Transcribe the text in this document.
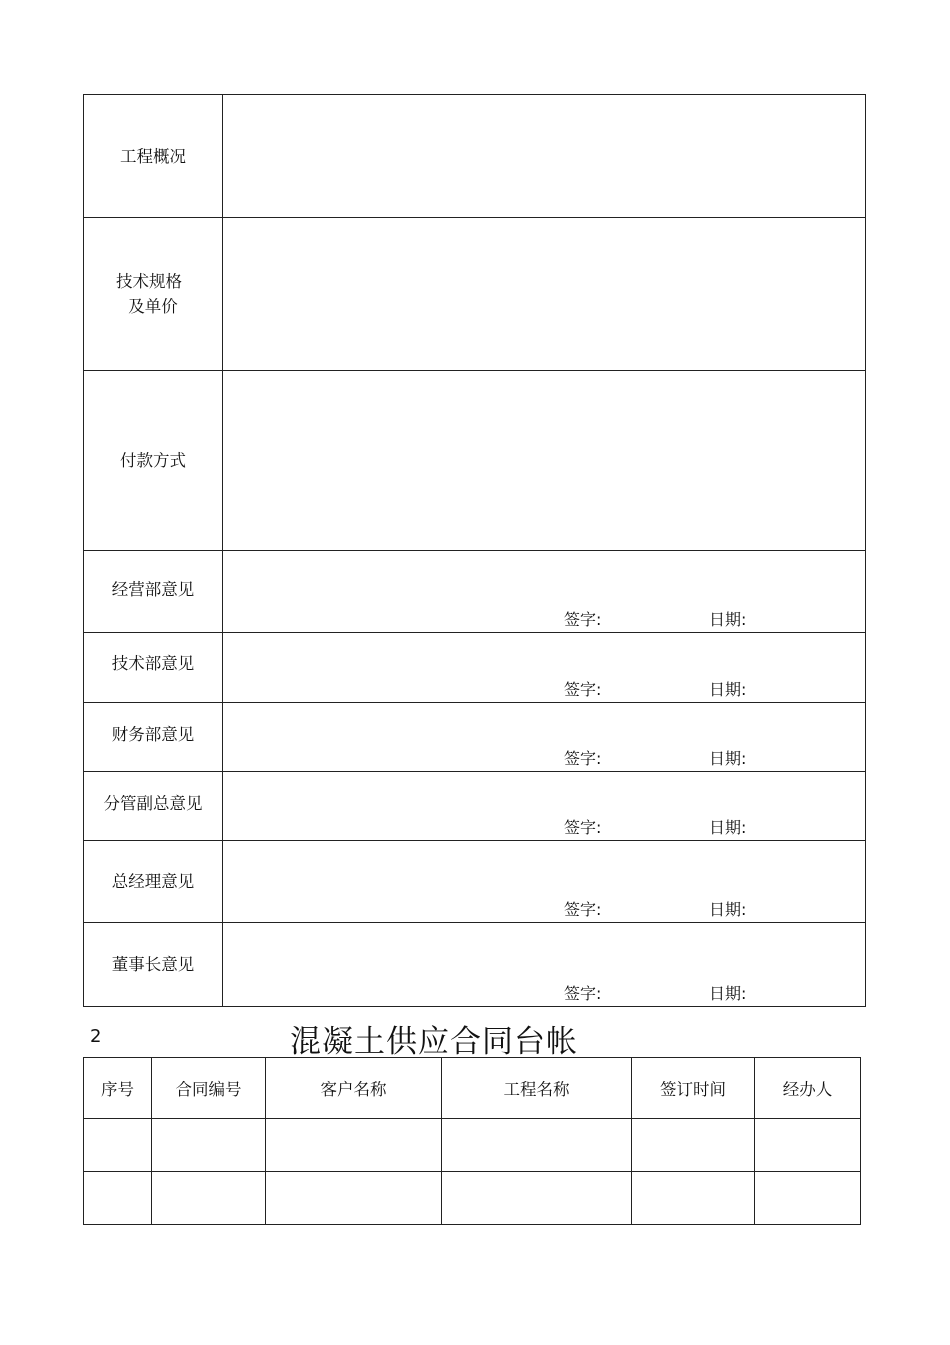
工程概况	

技术规格
及单价	

付款方式	
经营部意见	签字: 日期:

技术部意见	签字: 日期:

财务部意见	签字: 日期:

分管副总意见	签字: 日期:

总经理意见	签字: 日期:

董事长意见	签字: 日期:
2	混凝土供应合同台帐
序号	合同编号	客户名称	工程名称	签订时间	经办人
